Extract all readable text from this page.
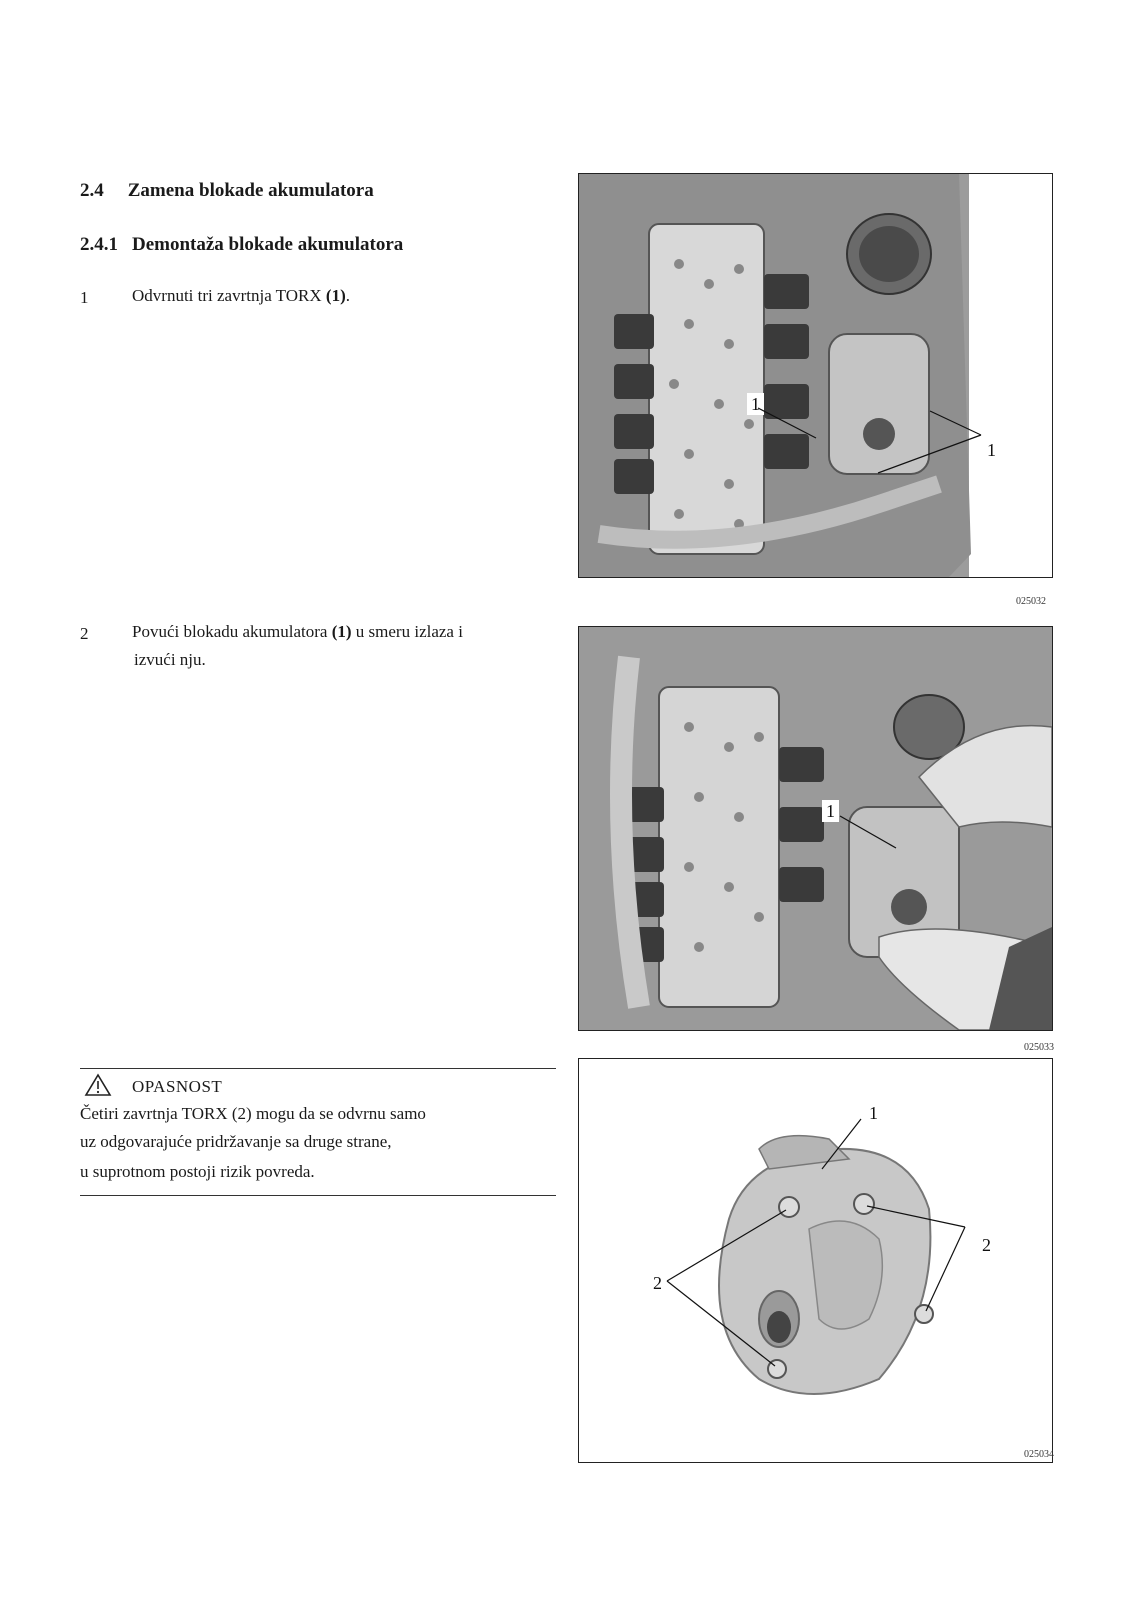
2.4 Zamena blokade akumulatora
2.4.1 Demontaža blokade akumulatora
1	Odvrnuti tri zavrtnja TORX (1).
2	Povući blokadu akumulatora (1) u smeru izlaza i
izvući nju.
OPASNOST
Četiri zavrtnja TORX (2) mogu da se odvrnu samo
uz odgovarajuće pridržavanje sa druge strane,
u suprotnom postoji rizik povreda.
1
1
025032
1
025033
1
2
2
025034
